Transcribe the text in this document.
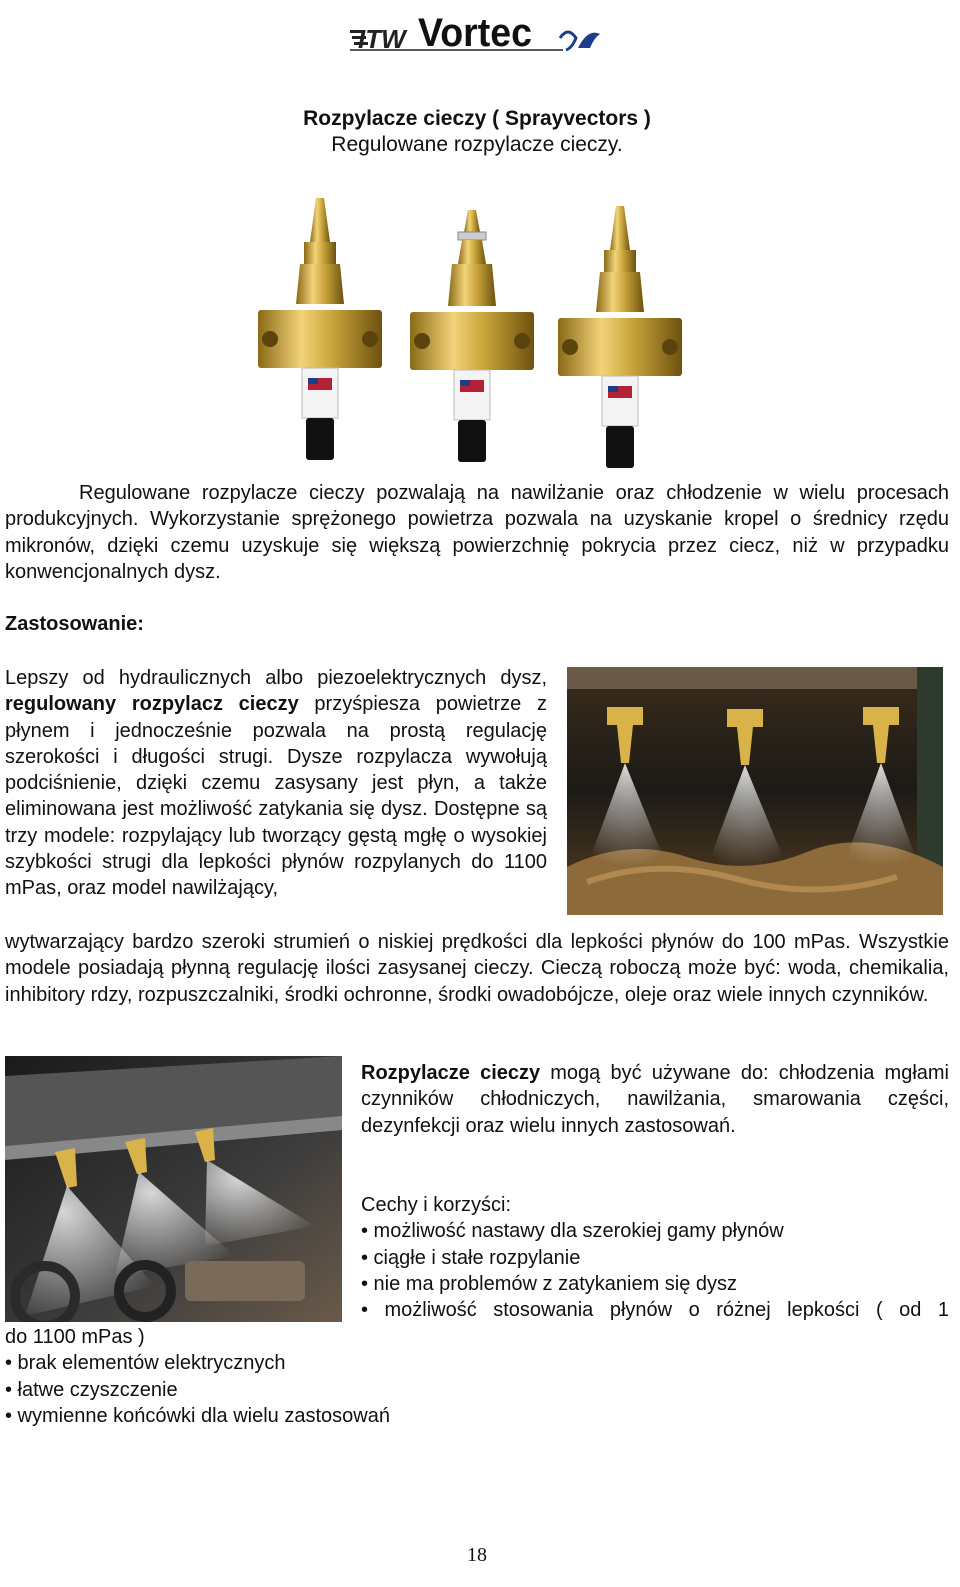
ITW Vortec
Rozpylacze cieczy ( Sprayvectors )
Regulowane rozpylacze cieczy.
Regulowane rozpylacze cieczy pozwalają na nawilżanie oraz chłodzenie w wielu procesach produkcyjnych. Wykorzystanie sprężonego powietrza pozwala na uzyskanie kropel o średnicy rzędu mikronów, dzięki czemu uzyskuje się większą powierzchnię pokrycia przez ciecz, niż w przypadku konwencjonalnych dysz.
Zastosowanie:
Lepszy od hydraulicznych albo piezoelektrycznych dysz, regulowany rozpylacz cieczy przyśpiesza powietrze z płynem i jednocześnie pozwala na prostą regulację szerokości i długości strugi. Dysze rozpylacza wywołują podciśnienie, dzięki czemu zasysany jest płyn, a także eliminowana jest możliwość zatykania się dysz. Dostępne są trzy modele: rozpylający lub tworzący gęstą mgłę o wysokiej szybkości strugi dla lepkości płynów rozpylanych do 1100 mPas, oraz model nawilżający,
wytwarzający bardzo szeroki strumień o niskiej prędkości dla lepkości płynów do 100 mPas. Wszystkie modele posiadają płynną regulację ilości zasysanej cieczy. Cieczą roboczą może być: woda, chemikalia, inhibitory rdzy, rozpuszczalniki, środki ochronne, środki owadobójcze, oleje oraz wiele innych czynników.
Rozpylacze cieczy mogą być używane do: chłodzenia mgłami czynników chłodniczych, nawilżania, smarowania części, dezynfekcji oraz wielu innych zastosowań.
Cechy i korzyści:
• możliwość nastawy dla szerokiej gamy płynów
• ciągłe i stałe rozpylanie
• nie ma problemów z zatykaniem się dysz
• możliwość stosowania płynów o różnej lepkości ( od 1
do 1100 mPas )
• brak elementów elektrycznych
• łatwe czyszczenie
• wymienne końcówki dla wielu zastosowań
18
